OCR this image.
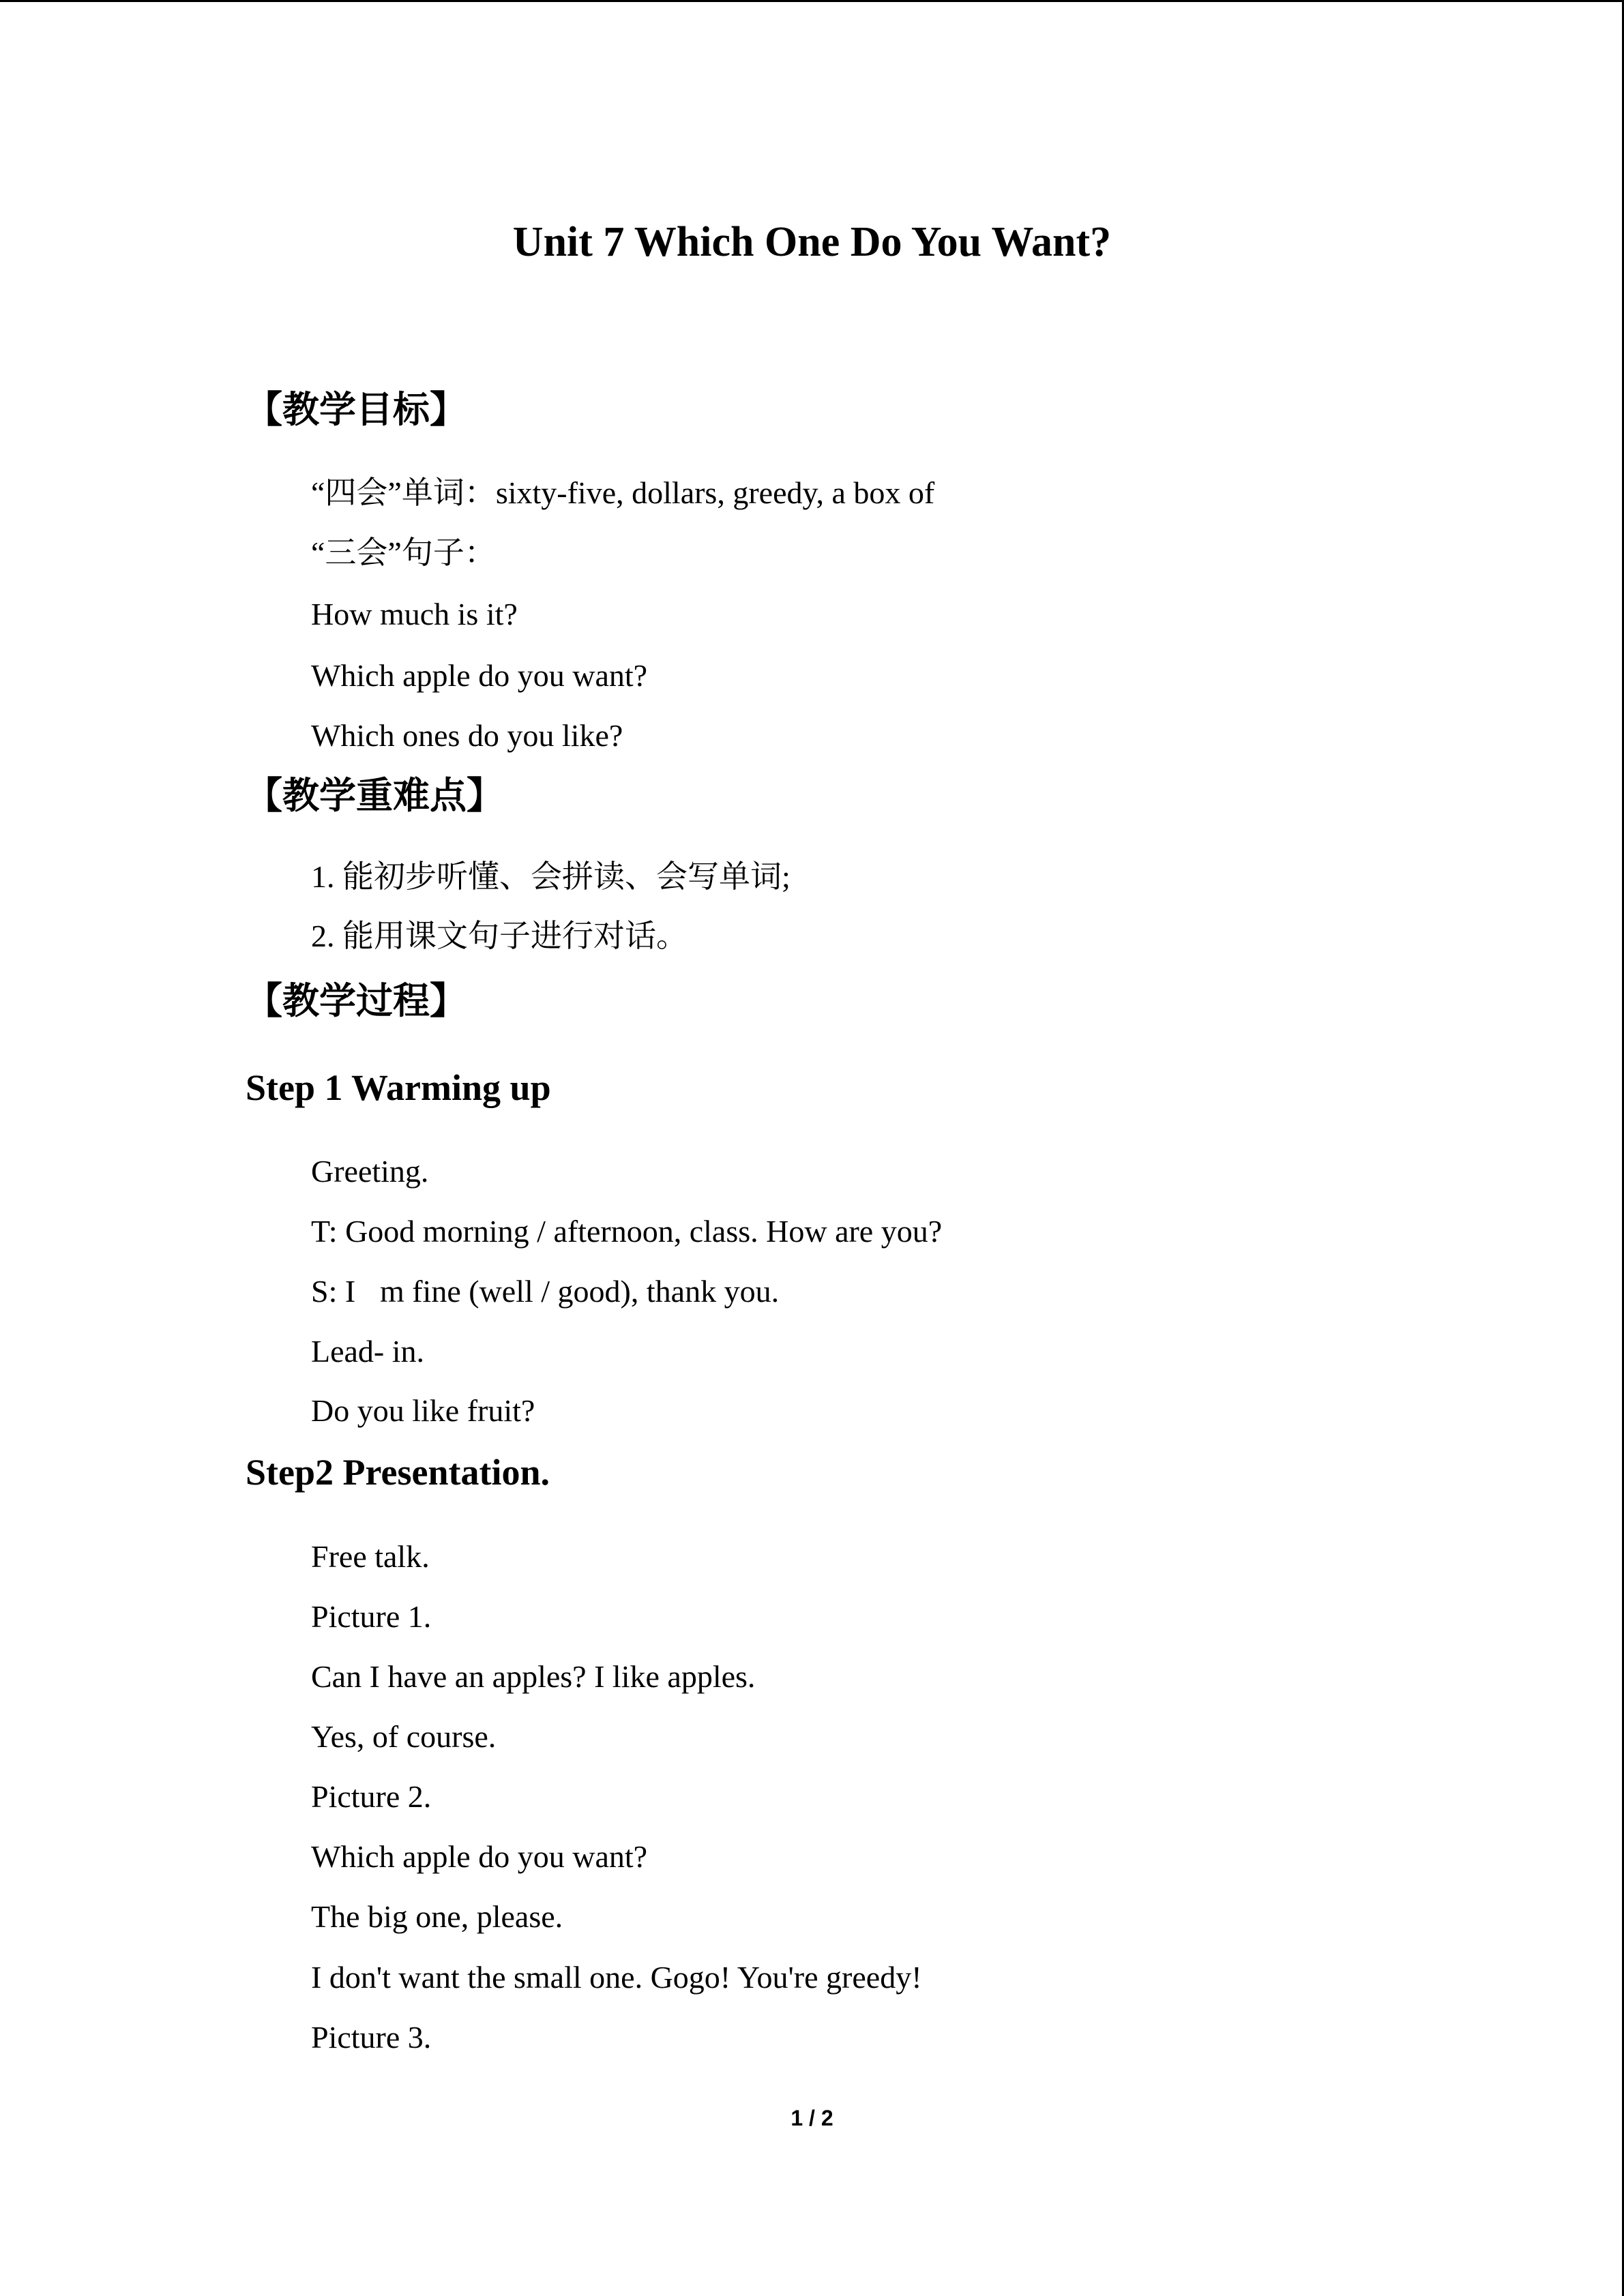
Unit 7 Which One Do You Want?
【教学目标】
“四会”单词：sixty-five, dollars, greedy, a box of
“三会”句子：
How much is it?
Which apple do you want?
Which ones do you like?
【教学重难点】
1. 能初步听懂、会拼读、会写单词;
2. 能用课文句子进行对话。
【教学过程】
Step 1 Warming up
Greeting.
T: Good morning / afternoon, class. How are you?
S: I m fine (well / good), thank you.
Lead- in.
Do you like fruit?
Step2 Presentation.
Free talk.
Picture 1.
Can I have an apples? I like apples.
Yes, of course.
Picture 2.
Which apple do you want?
The big one, please.
I don't want the small one. Gogo! You're greedy!
Picture 3.
1 / 2
